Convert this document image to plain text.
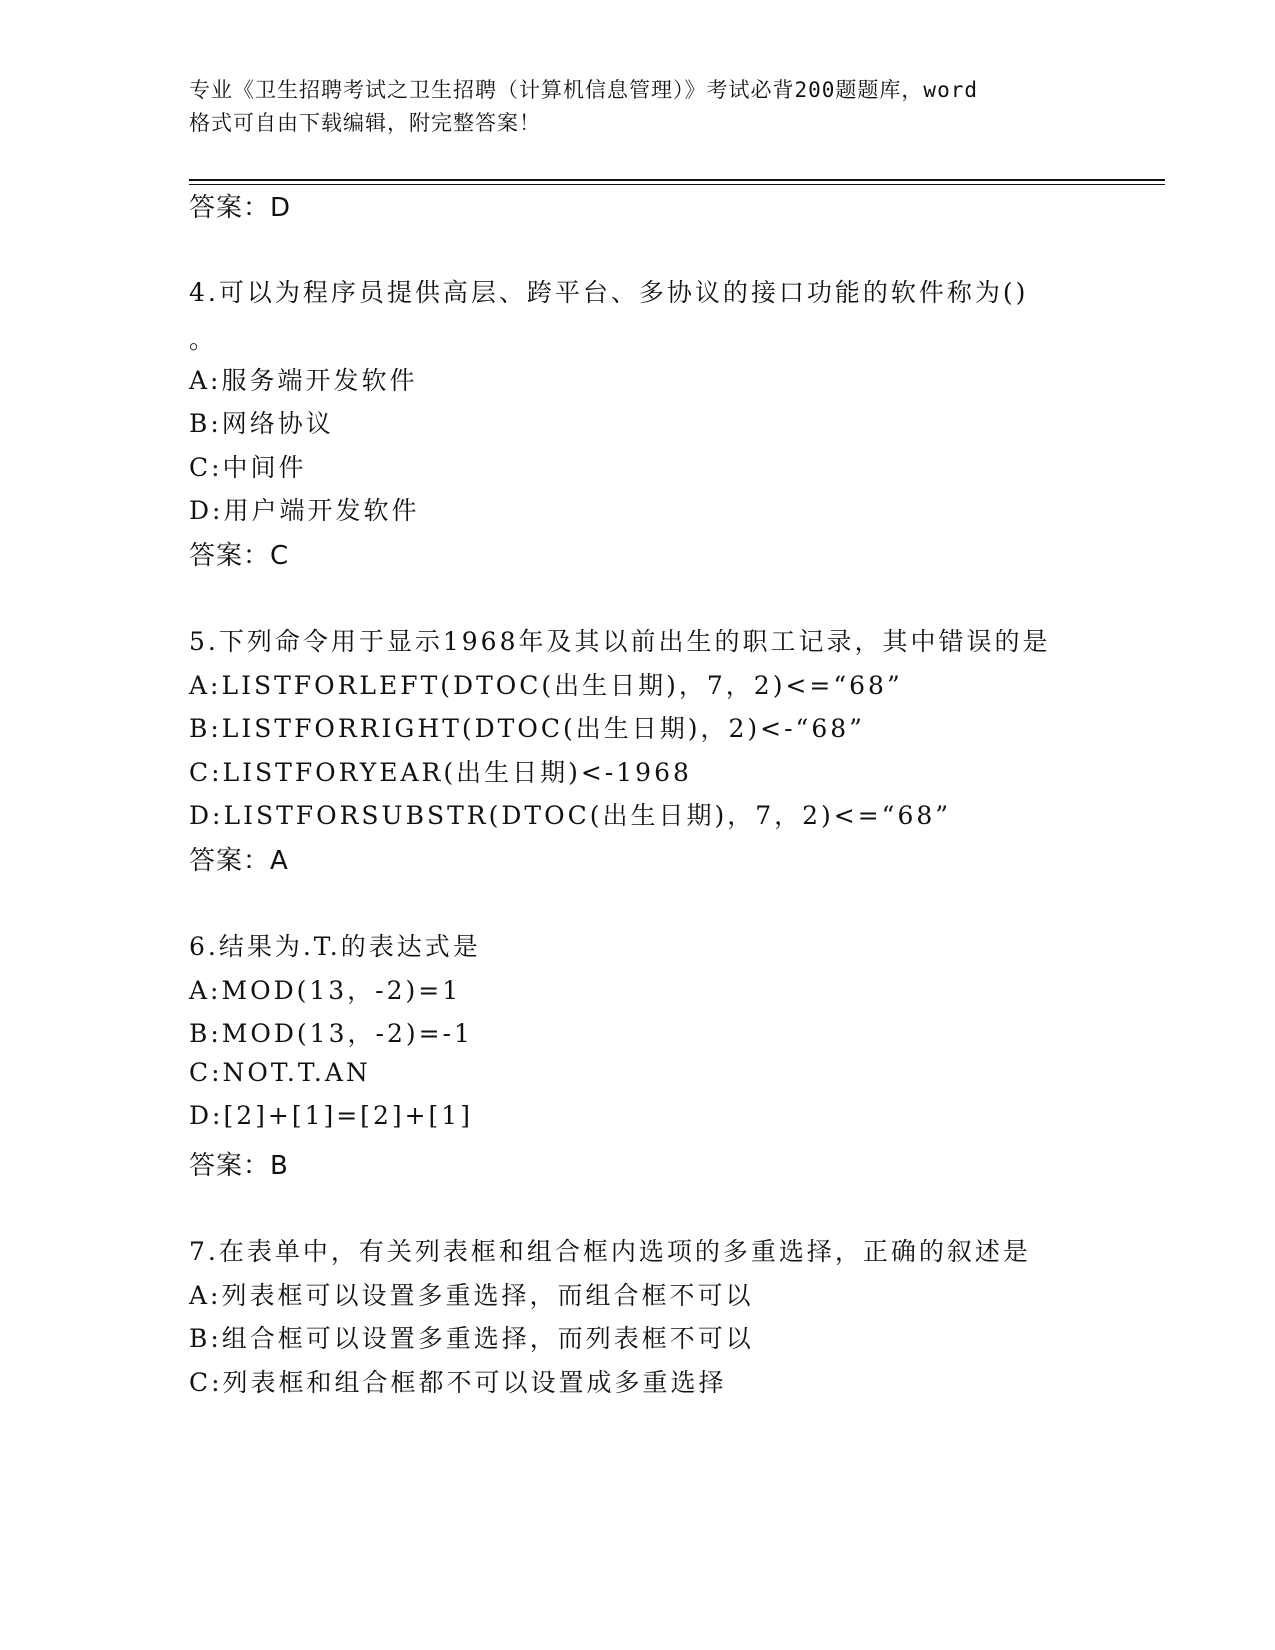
专业《卫生招聘考试之卫生招聘（计算机信息管理）》考试必背200题题库，word
格式可自由下载编辑，附完整答案！
答案：D
4.可以为程序员提供高层、跨平台、多协议的接口功能的软件称为()
。
A:服务端开发软件
B:网络协议
C:中间件
D:用户端开发软件
答案：C
5.下列命令用于显示1968年及其以前出生的职工记录，其中错误的是
A:LISTFORLEFT(DTOC(出生日期)，7，2)<=“68”
B:LISTFORRIGHT(DTOC(出生日期)，2)<-“68”
C:LISTFORYEAR(出生日期)<-1968
D:LISTFORSUBSTR(DTOC(出生日期)，7，2)<=“68”
答案：A
6.结果为.T.的表达式是
A:MOD(13，-2)=1
B:MOD(13，-2)=-1
C:NOT.T.AN
D:[2]+[1]=[2]+[1]
答案：B
7.在表单中，有关列表框和组合框内选项的多重选择，正确的叙述是
A:列表框可以设置多重选择，而组合框不可以
B:组合框可以设置多重选择，而列表框不可以
C:列表框和组合框都不可以设置成多重选择
